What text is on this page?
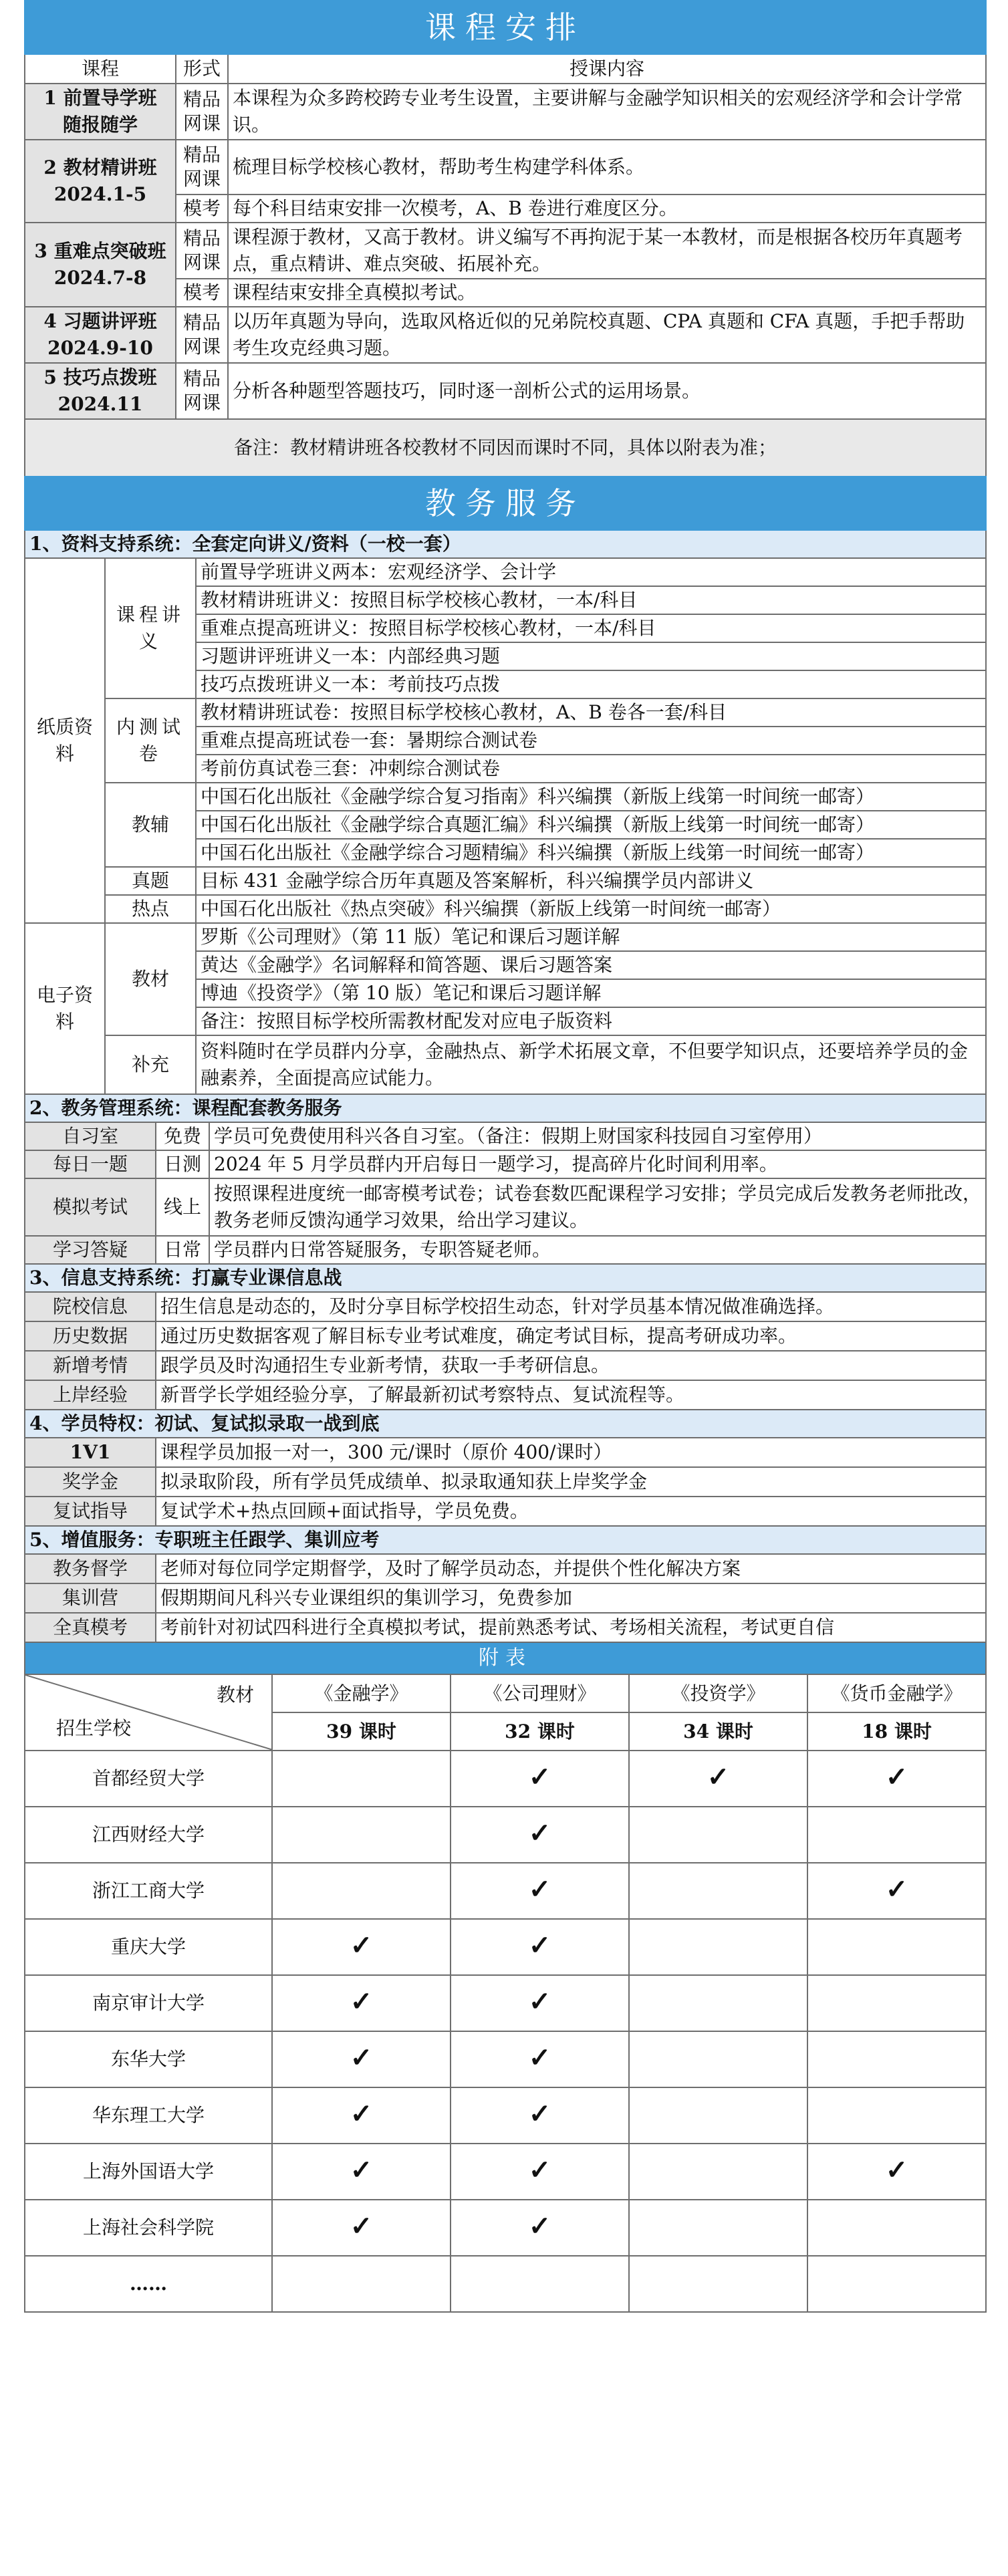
课程安排		
课程	形式	授课内容
1 前置导学班
随报随学	精品网课	本课程为众多跨校跨专业考生设置，主要讲解与金融学知识相关的宏观经济学和会计学常识。
2 教材精讲班
2024.1-5	精品网课	梳理目标学校核心教材，帮助考生构建学科体系。
	模考	每个科目结束安排一次模考，A、B 卷进行难度区分。
3 重难点突破班
2024.7-8	精品网课	课程源于教材，又高于教材。讲义编写不再拘泥于某一本教材，而是根据各校历年真题考点，重点精讲、难点突破、拓展补充。
	模考	课程结束安排全真模拟考试。
4 习题讲评班
2024.9-10	精品网课	以历年真题为导向，选取风格近似的兄弟院校真题、CPA 真题和 CFA 真题，手把手帮助考生攻克经典习题。
5 技巧点拨班
2024.11	精品网课	分析各种题型答题技巧，同时逐一剖析公式的运用场景。
备注：教材精讲班各校教材不同因而课时不同，具体以附表为准；		
教务服务		
1、资料支持系统：全套定向讲义/资料（一校一套）		
纸质资料	课程讲义	前置导学班讲义两本：宏观经济学、会计学
		教材精讲班讲义：按照目标学校核心教材，一本/科目
		重难点提高班讲义：按照目标学校核心教材，一本/科目
		习题讲评班讲义一本：内部经典习题
		技巧点拨班讲义一本：考前技巧点拨
	内测试卷	教材精讲班试卷：按照目标学校核心教材，A、B 卷各一套/科目
		重难点提高班试卷一套：暑期综合测试卷
		考前仿真试卷三套：冲刺综合测试卷
	教辅	中国石化出版社《金融学综合复习指南》科兴编撰（新版上线第一时间统一邮寄）
		中国石化出版社《金融学综合真题汇编》科兴编撰（新版上线第一时间统一邮寄）
		中国石化出版社《金融学综合习题精编》科兴编撰（新版上线第一时间统一邮寄）
	真题	目标 431 金融学综合历年真题及答案解析，科兴编撰学员内部讲义
	热点	中国石化出版社《热点突破》科兴编撰（新版上线第一时间统一邮寄）
电子资料	教材	罗斯《公司理财》（第 11 版）笔记和课后习题详解
		黄达《金融学》名词解释和简答题、课后习题答案
		博迪《投资学》（第 10 版）笔记和课后习题详解
		备注：按照目标学校所需教材配发对应电子版资料
	补充	资料随时在学员群内分享，金融热点、新学术拓展文章，不但要学知识点，还要培养学员的金融素养，全面提高应试能力。

2、教务管理系统：课程配套教务服务		
自习室	免费	学员可免费使用科兴各自习室。（备注：假期上财国家科技园自习室停用）
每日一题	日测	2024 年 5 月学员群内开启每日一题学习，提高碎片化时间利用率。
模拟考试	线上	按照课程进度统一邮寄模考试卷；试卷套数匹配课程学习安排；学员完成后发教务老师批改，教务老师反馈沟通学习效果，给出学习建议。
学习答疑	日常	学员群内日常答疑服务，专职答疑老师。
3、信息支持系统：打赢专业课信息战	
院校信息	招生信息是动态的，及时分享目标学校招生动态，针对学员基本情况做准确选择。
历史数据	通过历史数据客观了解目标专业考试难度，确定考试目标，提高考研成功率。
新增考情	跟学员及时沟通招生专业新考情，获取一手考研信息。
上岸经验	新晋学长学姐经验分享，了解最新初试考察特点、复试流程等。
4、学员特权：初试、复试拟录取一战到底	
1V1	课程学员加报一对一，300 元/课时（原价 400/课时）
奖学金	拟录取阶段，所有学员凭成绩单、拟录取通知获上岸奖学金
复试指导	复试学术+热点回顾+面试指导，学员免费。
5、增值服务：专职班主任跟学、集训应考	
教务督学	老师对每位同学定期督学，及时了解学员动态，并提供个性化解决方案
集训营	假期期间凡科兴专业课组织的集训学习，免费参加
全真模考	考前针对初试四科进行全真模拟考试，提前熟悉考试、考场相关流程，考试更自信
附表				

教材
招生学校	《金融学》	《公司理财》	《投资学》	《货币金融学》
	39 课时	32 课时	34 课时	18 课时
首都经贸大学		✓	✓	✓
江西财经大学		✓		
浙江工商大学		✓		✓
重庆大学	✓	✓		
南京审计大学	✓	✓		
东华大学	✓	✓		
华东理工大学	✓	✓		
上海外国语大学	✓	✓		✓
上海社会科学院	✓	✓		
……				
